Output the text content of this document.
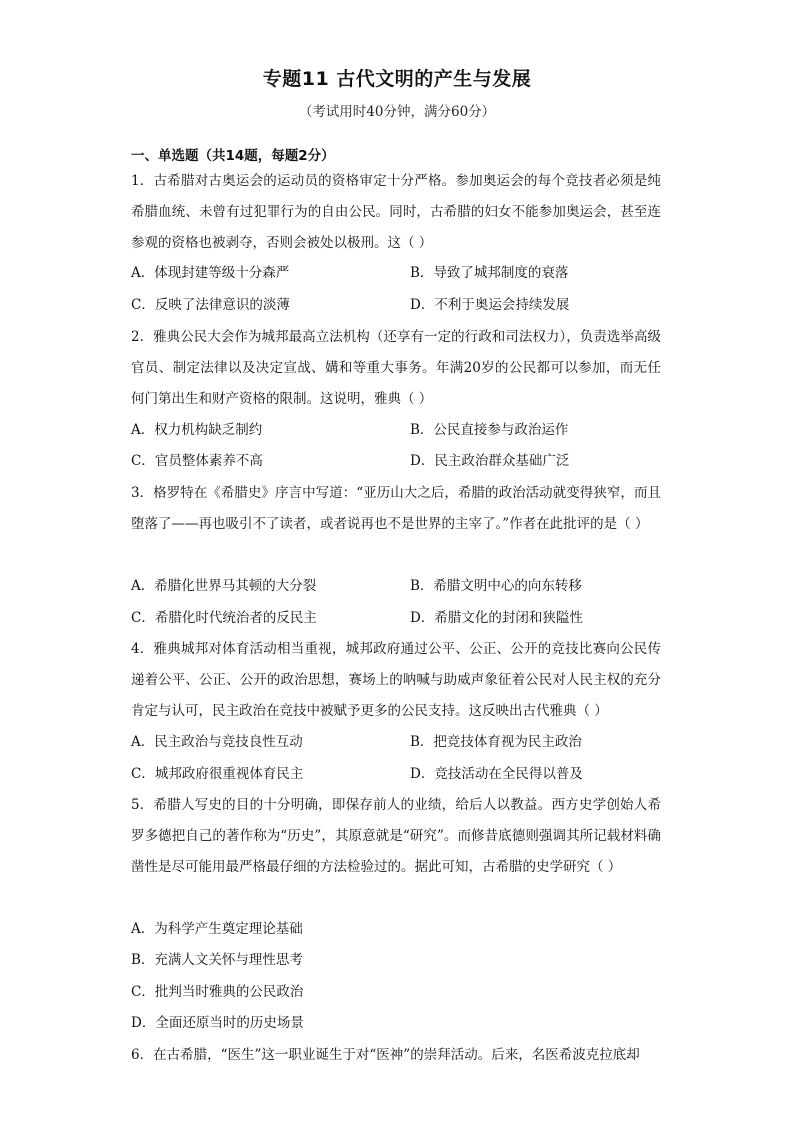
专题11 古代文明的产生与发展
（考试用时40分钟，满分60分）
一、单选题（共14题，每题2分）
1．古希腊对古奥运会的运动员的资格审定十分严格。参加奥运会的每个竞技者必须是纯希腊血统、未曾有过犯罪行为的自由公民。同时，古希腊的妇女不能参加奥运会，甚至连参观的资格也被剥夺，否则会被处以极刑。这（ ）
A．体现封建等级十分森严	B．导致了城邦制度的衰落
C．反映了法律意识的淡薄	D．不利于奥运会持续发展
2．雅典公民大会作为城邦最高立法机构（还享有一定的行政和司法权力），负责选举高级官员、制定法律以及决定宣战、媾和等重大事务。年满20岁的公民都可以参加，而无任何门第出生和财产资格的限制。这说明，雅典（ ）
A．权力机构缺乏制约	B．公民直接参与政治运作
C．官员整体素养不高	D．民主政治群众基础广泛
3．格罗特在《希腊史》序言中写道：“亚历山大之后，希腊的政治活动就变得狭窄，而且堕落了——再也吸引不了读者，或者说再也不是世界的主宰了。”作者在此批评的是（ ）
A．希腊化世界马其顿的大分裂	B．希腊文明中心的向东转移
C．希腊化时代统治者的反民主	D．希腊文化的封闭和狭隘性
4．雅典城邦对体育活动相当重视，城邦政府通过公平、公正、公开的竞技比赛向公民传递着公平、公正、公开的政治思想，赛场上的呐喊与助威声象征着公民对人民主权的充分肯定与认可，民主政治在竞技中被赋予更多的公民支持。这反映出古代雅典（ ）
A．民主政治与竞技良性互动	B．把竞技体育视为民主政治
C．城邦政府很重视体育民主	D．竞技活动在全民得以普及
5．希腊人写史的目的十分明确，即保存前人的业绩，给后人以教益。西方史学创始人希罗多德把自己的著作称为“历史”，其原意就是“研究”。而修昔底德则强调其所记载材料确凿性是尽可能用最严格最仔细的方法检验过的。据此可知，古希腊的史学研究（ ）
A．为科学产生奠定理论基础
B．充满人文关怀与理性思考
C．批判当时雅典的公民政治
D．全面还原当时的历史场景
6．在古希腊，“医生”这一职业诞生于对“医神”的崇拜活动。后来，名医希波克拉底却
